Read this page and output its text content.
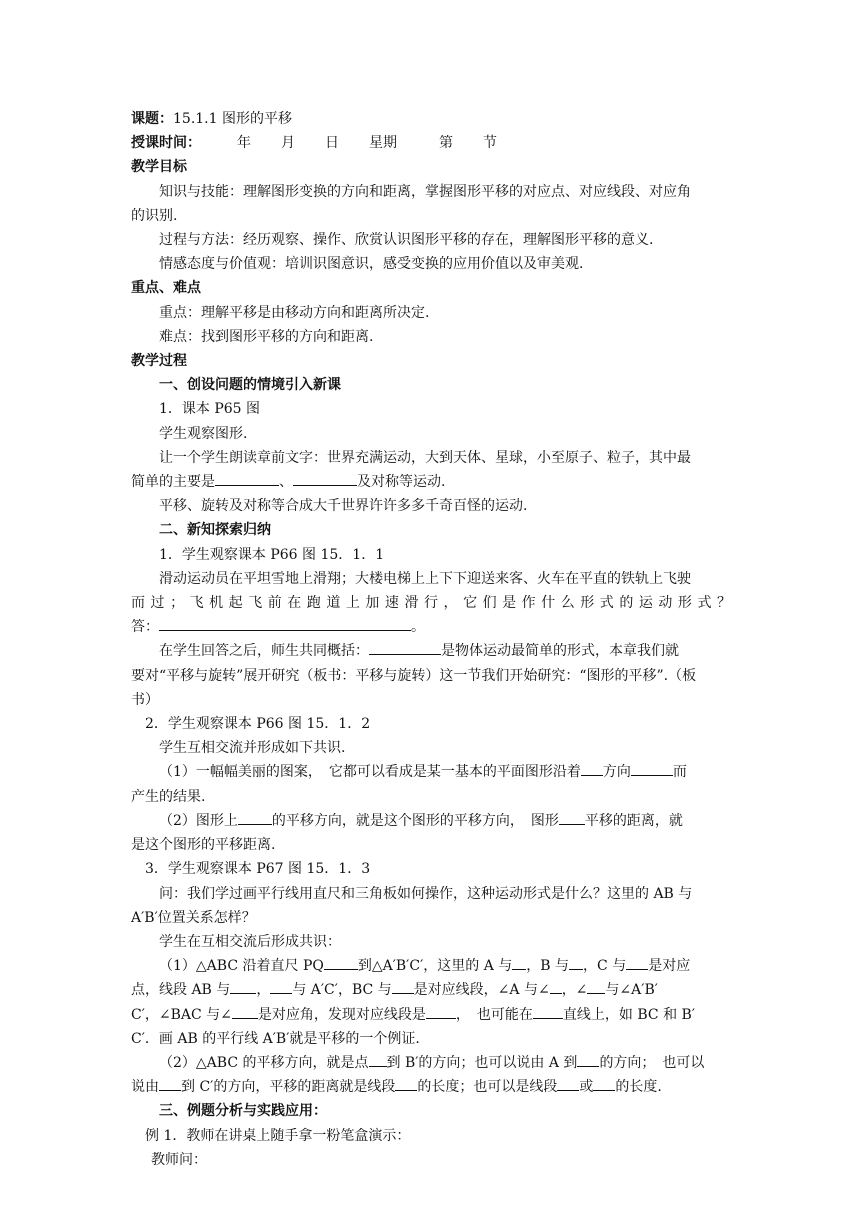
课题：15.1.1 图形的平移

授课时间：	年 月 日 星期	第 节

教学目标

知识与技能：理解图形变换的方向和距离，掌握图形平移的对应点、对应线段、对应角

的识别.

过程与方法：经历观察、操作、欣赏认识图形平移的存在，理解图形平移的意义.

情感态度与价值观：培训识图意识，感受变换的应用价值以及审美观.

重点、难点

重点：理解平移是由移动方向和距离所决定.

难点：找到图形平移的方向和距离.

教学过程

一、创设问题的情境引入新课

1．课本 P65 图

学生观察图形.

让一个学生朗读章前文字：世界充满运动，大到天体、星球，小至原子、粒子，其中最

简单的主要是	、	及对称等运动.

平移、旋转及对称等合成大千世界许许多多千奇百怪的运动.

二、新知探索归纳

1．学生观察课本 P66 图 15．1．1

滑动运动员在平坦雪地上滑翔；大楼电梯上上下下迎送来客、火车在平直的铁轨上飞驶

而过；飞机起飞前在跑道上加速滑行，它们是作什么形式的运动形式？

答：	。

在学生回答之后，师生共同概括：	是物体运动最简单的形式，本章我们就

要对“平移与旋转”展开研究（板书：平移与旋转）这一节我们开始研究：“图形的平移”.（板

书）

2．学生观察课本 P66 图 15．1．2

学生互相交流并形成如下共识.

（1）一幅幅美丽的图案，　它都可以看成是某一基本的平面图形沿着 方向	而

产生的结果.

（2）图形上 的平移方向，就是这个图形的平移方向，　图形 平移的距离，就

是这个图形的平移距离.

3．学生观察课本 P67 图 15．1．3

问：我们学过画平行线用直尺和三角板如何操作，这种运动形式是什么？这里的 AB 与

A′B′位置关系怎样？

学生在互相交流后形成共识：

（1）△ABC 沿着直尺 PQ 到△A′B′C′，这里的 A 与 ，B 与 ，C 与 是对应

点，线段 AB 与 ， 与 A′C′，BC 与 是对应线段，∠A 与∠ ，∠ 与∠A′B′

C′，∠BAC 与∠ 是对应角，发现对应线段是 ，　也可能在 直线上，如 BC 和 B′

C′．画 AB 的平行线 A′B′就是平移的一个例证.

（2）△ABC 的平移方向，就是点 到 B′的方向；也可以说由 A 到 的方向；　也可以

说由 到 C′的方向，平移的距离就是线段 的长度；也可以是线段 或 的长度.

三、例题分析与实践应用：

例 1．教师在讲桌上随手拿一粉笔盒演示：

教师问：
